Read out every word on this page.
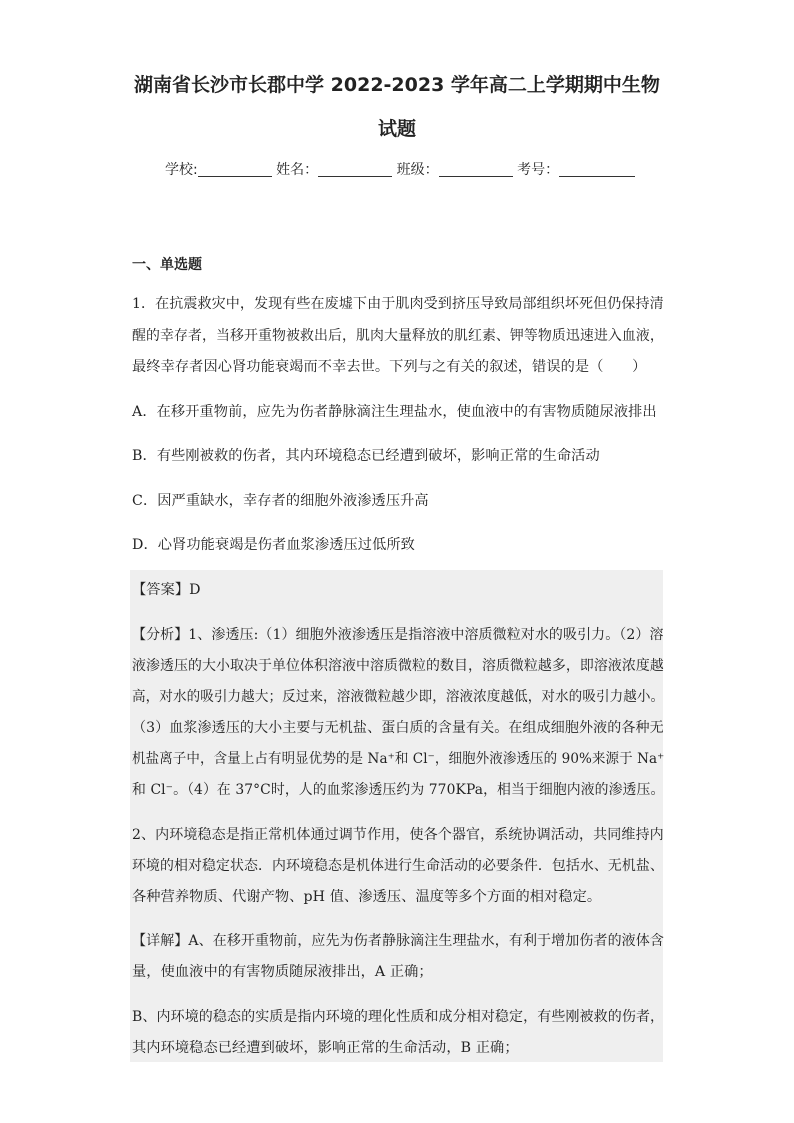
湖南省长沙市长郡中学 2022-2023 学年高二上学期期中生物
试题
学校:	姓名：	班级：	考号：
一、单选题
1．在抗震救灾中，发现有些在废墟下由于肌肉受到挤压导致局部组织坏死但仍保持清
醒的幸存者，当移开重物被救出后，肌肉大量释放的肌红素、钾等物质迅速进入血液，
最终幸存者因心肾功能衰竭而不幸去世。下列与之有关的叙述，错误的是（　　）
A．在移开重物前，应先为伤者静脉滴注生理盐水，使血液中的有害物质随尿液排出
B．有些刚被救的伤者，其内环境稳态已经遭到破坏，影响正常的生命活动
C．因严重缺水，幸存者的细胞外液渗透压升高
D．心肾功能衰竭是伤者血浆渗透压过低所致
【答案】D
【分析】1、渗透压:（1）细胞外液渗透压是指溶液中溶质微粒对水的吸引力。（2）溶
液渗透压的大小取决于单位体积溶液中溶质微粒的数目，溶质微粒越多，即溶液浓度越
高，对水的吸引力越大；反过来，溶液微粒越少即，溶液浓度越低，对水的吸引力越小。
（3）血浆渗透压的大小主要与无机盐、蛋白质的含量有关。在组成细胞外液的各种无
机盐离子中，含量上占有明显优势的是 Na⁺和 Cl⁻，细胞外液渗透压的 90%来源于 Na⁺
和 Cl⁻。（4）在 37°C时，人的血浆渗透压约为 770KPa，相当于细胞内液的渗透压。
2、内环境稳态是指正常机体通过调节作用，使各个器官，系统协调活动，共同维持内
环境的相对稳定状态．内环境稳态是机体进行生命活动的必要条件．包括水、无机盐、
各种营养物质、代谢产物、pH 值、渗透压、温度等多个方面的相对稳定。
【详解】A、在移开重物前，应先为伤者静脉滴注生理盐水，有利于增加伤者的液体含
量，使血液中的有害物质随尿液排出，A 正确；
B、内环境的稳态的实质是指内环境的理化性质和成分相对稳定，有些刚被救的伤者，
其内环境稳态已经遭到破坏，影响正常的生命活动，B 正确；
